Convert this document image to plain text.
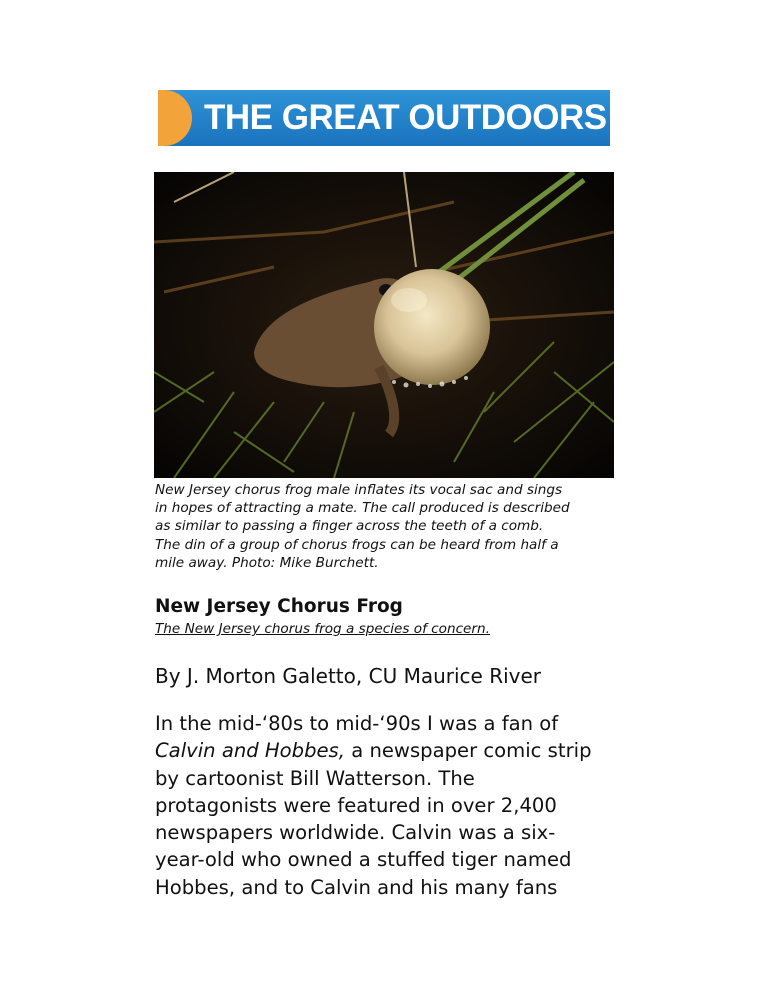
THE GREAT OUTDOORS

New Jersey chorus frog male inflates its vocal sac and sings
in hopes of attracting a mate. The call produced is described
as similar to passing a finger across the teeth of a comb.
The din of a group of chorus frogs can be heard from half a
mile away. Photo: Mike Burchett.

New Jersey Chorus Frog

The New Jersey chorus frog a species of concern.

By J. Morton Galetto, CU Maurice River

In the mid-‘80s to mid-‘90s I was a fan of
Calvin and Hobbes, a newspaper comic strip
by cartoonist Bill Watterson. The
protagonists were featured in over 2,400
newspapers worldwide. Calvin was a six-
year-old who owned a stuffed tiger named
Hobbes, and to Calvin and his many fans
